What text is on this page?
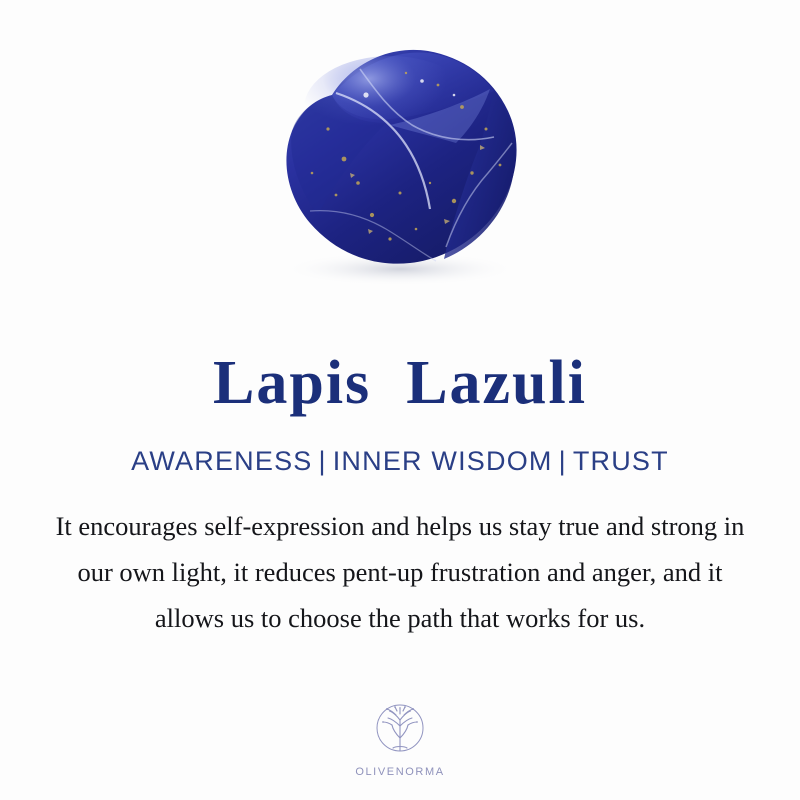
Lapis  Lazuli
AWARENESS | INNER WISDOM | TRUST
It encourages self-expression and helps us stay true and strong in our own light, it reduces pent-up frustration and anger, and it allows us to choose the path that works for us.
OLIVENORMA
